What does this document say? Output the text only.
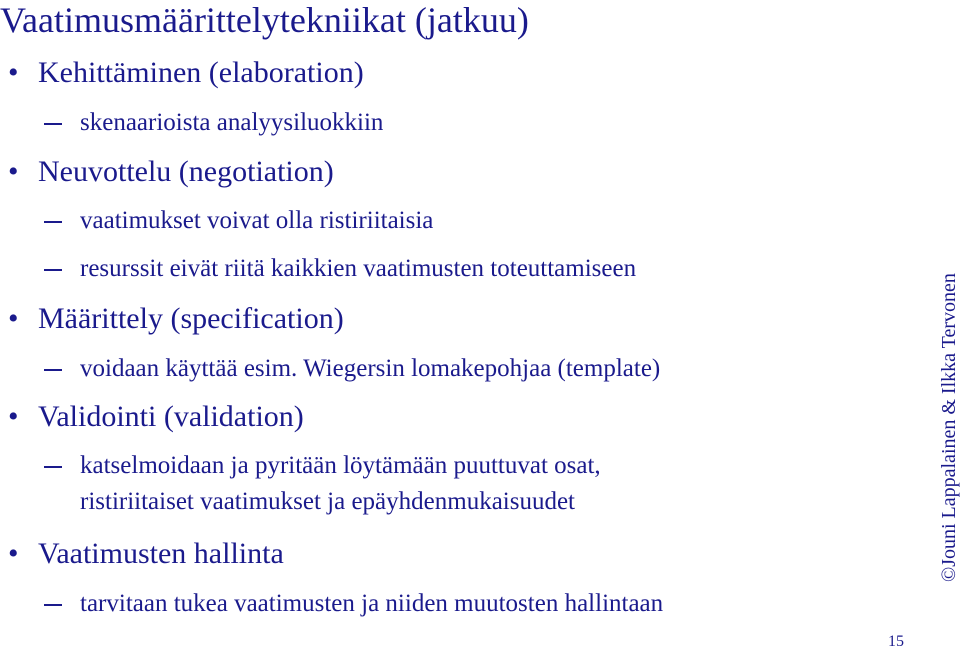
Vaatimusmäärittelytekniikat (jatkuu)
• Kehittäminen (elaboration)
skenaarioista analyysiluokkiin
• Neuvottelu (negotiation)
vaatimukset voivat olla ristiriitaisia
resurssit eivät riitä kaikkien vaatimusten toteuttamiseen
• Määrittely (specification)
voidaan käyttää esim. Wiegersin lomakepohjaa (template)
• Validointi (validation)
katselmoidaan ja pyritään löytämään puuttuvat osat,
ristiriitaiset vaatimukset ja epäyhdenmukaisuudet
• Vaatimusten hallinta
tarvitaan tukea vaatimusten ja niiden muutosten hallintaan
©Jouni Lappalainen & Ilkka Tervonen
15
